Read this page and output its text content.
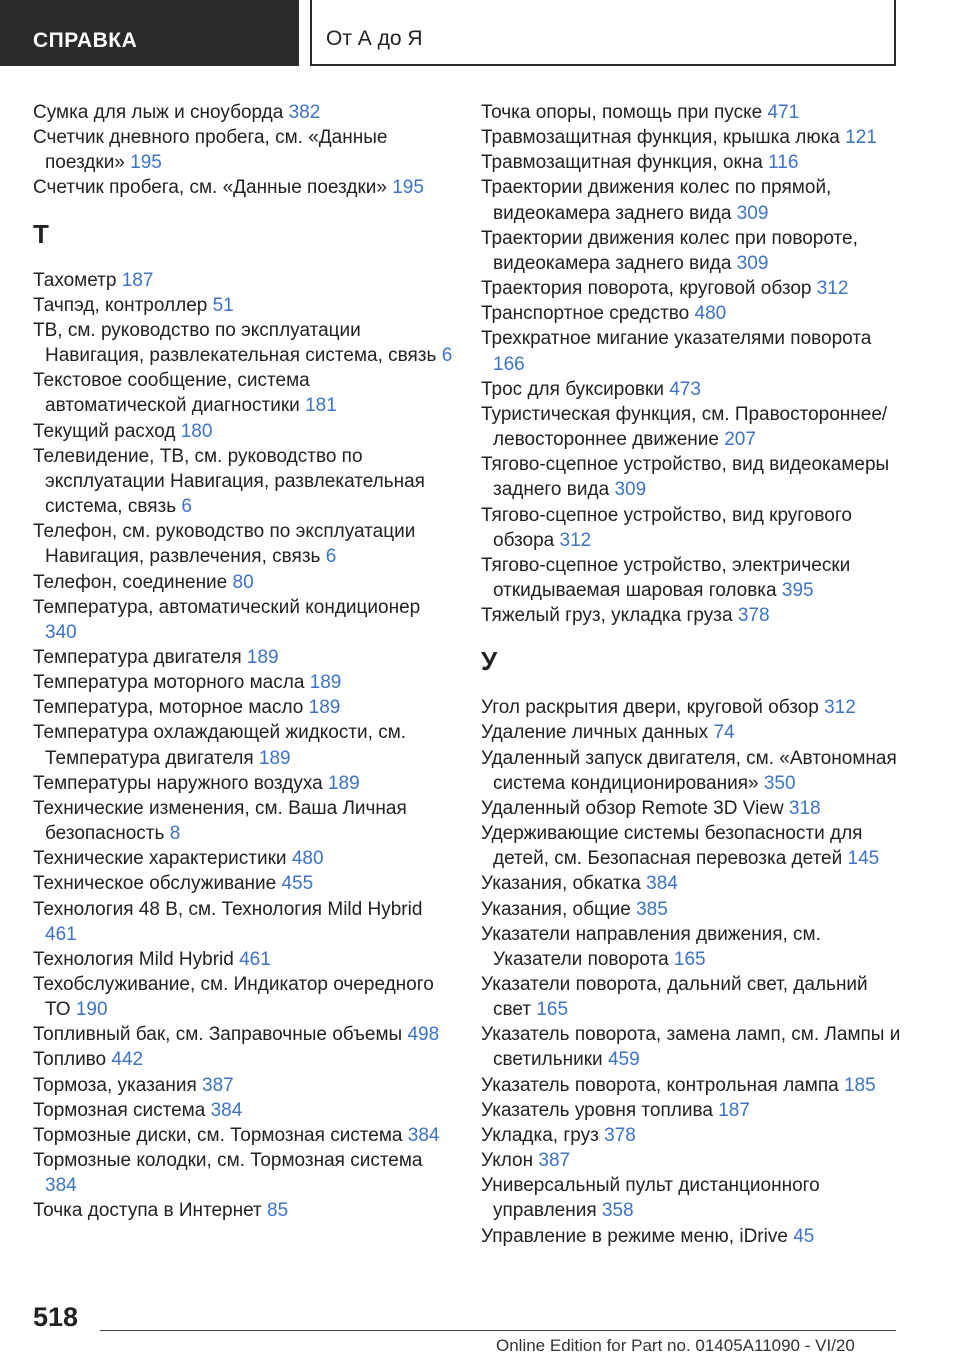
СПРАВКА	От А до Я
Сумка для лыж и сноуборда 382
Счетчик дневного пробега, см. «Данные поездки» 195
Счетчик пробега, см. «Данные поездки» 195
Т
Тахометр 187
Тачпэд, контроллер 51
ТВ, см. руководство по эксплуатации Навигация, развлекательная система, связь 6
Текстовое сообщение, система автоматической диагностики 181
Текущий расход 180
Телевидение, ТВ, см. руководство по эксплуатации Навигация, развлекательная система, связь 6
Телефон, см. руководство по эксплуатации Навигация, развлечения, связь 6
Телефон, соединение 80
Температура, автоматический кондиционер 340
Температура двигателя 189
Температура моторного масла 189
Температура, моторное масло 189
Температура охлаждающей жидкости, см. Температура двигателя 189
Температуры наружного воздуха 189
Технические изменения, см. Ваша Личная безопасность 8
Технические характеристики 480
Техническое обслуживание 455
Технология 48 В, см. Технология Mild Hybrid 461
Технология Mild Hybrid 461
Техобслуживание, см. Индикатор очередного ТО 190
Топливный бак, см. Заправочные объемы 498
Топливо 442
Тормоза, указания 387
Тормозная система 384
Тормозные диски, см. Тормозная система 384
Тормозные колодки, см. Тормозная система 384
Точка доступа в Интернет 85
Точка опоры, помощь при пуске 471
Травмозащитная функция, крышка люка 121
Травмозащитная функция, окна 116
Траектории движения колес по прямой, видеокамера заднего вида 309
Траектории движения колес при повороте, видеокамера заднего вида 309
Траектория поворота, круговой обзор 312
Транспортное средство 480
Трехкратное мигание указателями поворота 166
Трос для буксировки 473
Туристическая функция, см. Правостороннее/левостороннее движение 207
Тягово-сцепное устройство, вид видеокамеры заднего вида 309
Тягово-сцепное устройство, вид кругового обзора 312
Тягово-сцепное устройство, электрически откидываемая шаровая головка 395
Тяжелый груз, укладка груза 378
У
Угол раскрытия двери, круговой обзор 312
Удаление личных данных 74
Удаленный запуск двигателя, см. «Автономная система кондиционирования» 350
Удаленный обзор Remote 3D View 318
Удерживающие системы безопасности для детей, см. Безопасная перевозка детей 145
Указания, обкатка 384
Указания, общие 385
Указатели направления движения, см. Указатели поворота 165
Указатели поворота, дальний свет, дальний свет 165
Указатель поворота, замена ламп, см. Лампы и светильники 459
Указатель поворота, контрольная лампа 185
Указатель уровня топлива 187
Укладка, груз 378
Уклон 387
Универсальный пульт дистанционного управления 358
Управление в режиме меню, iDrive 45
518
Online Edition for Part no. 01405A11090 - VI/20
